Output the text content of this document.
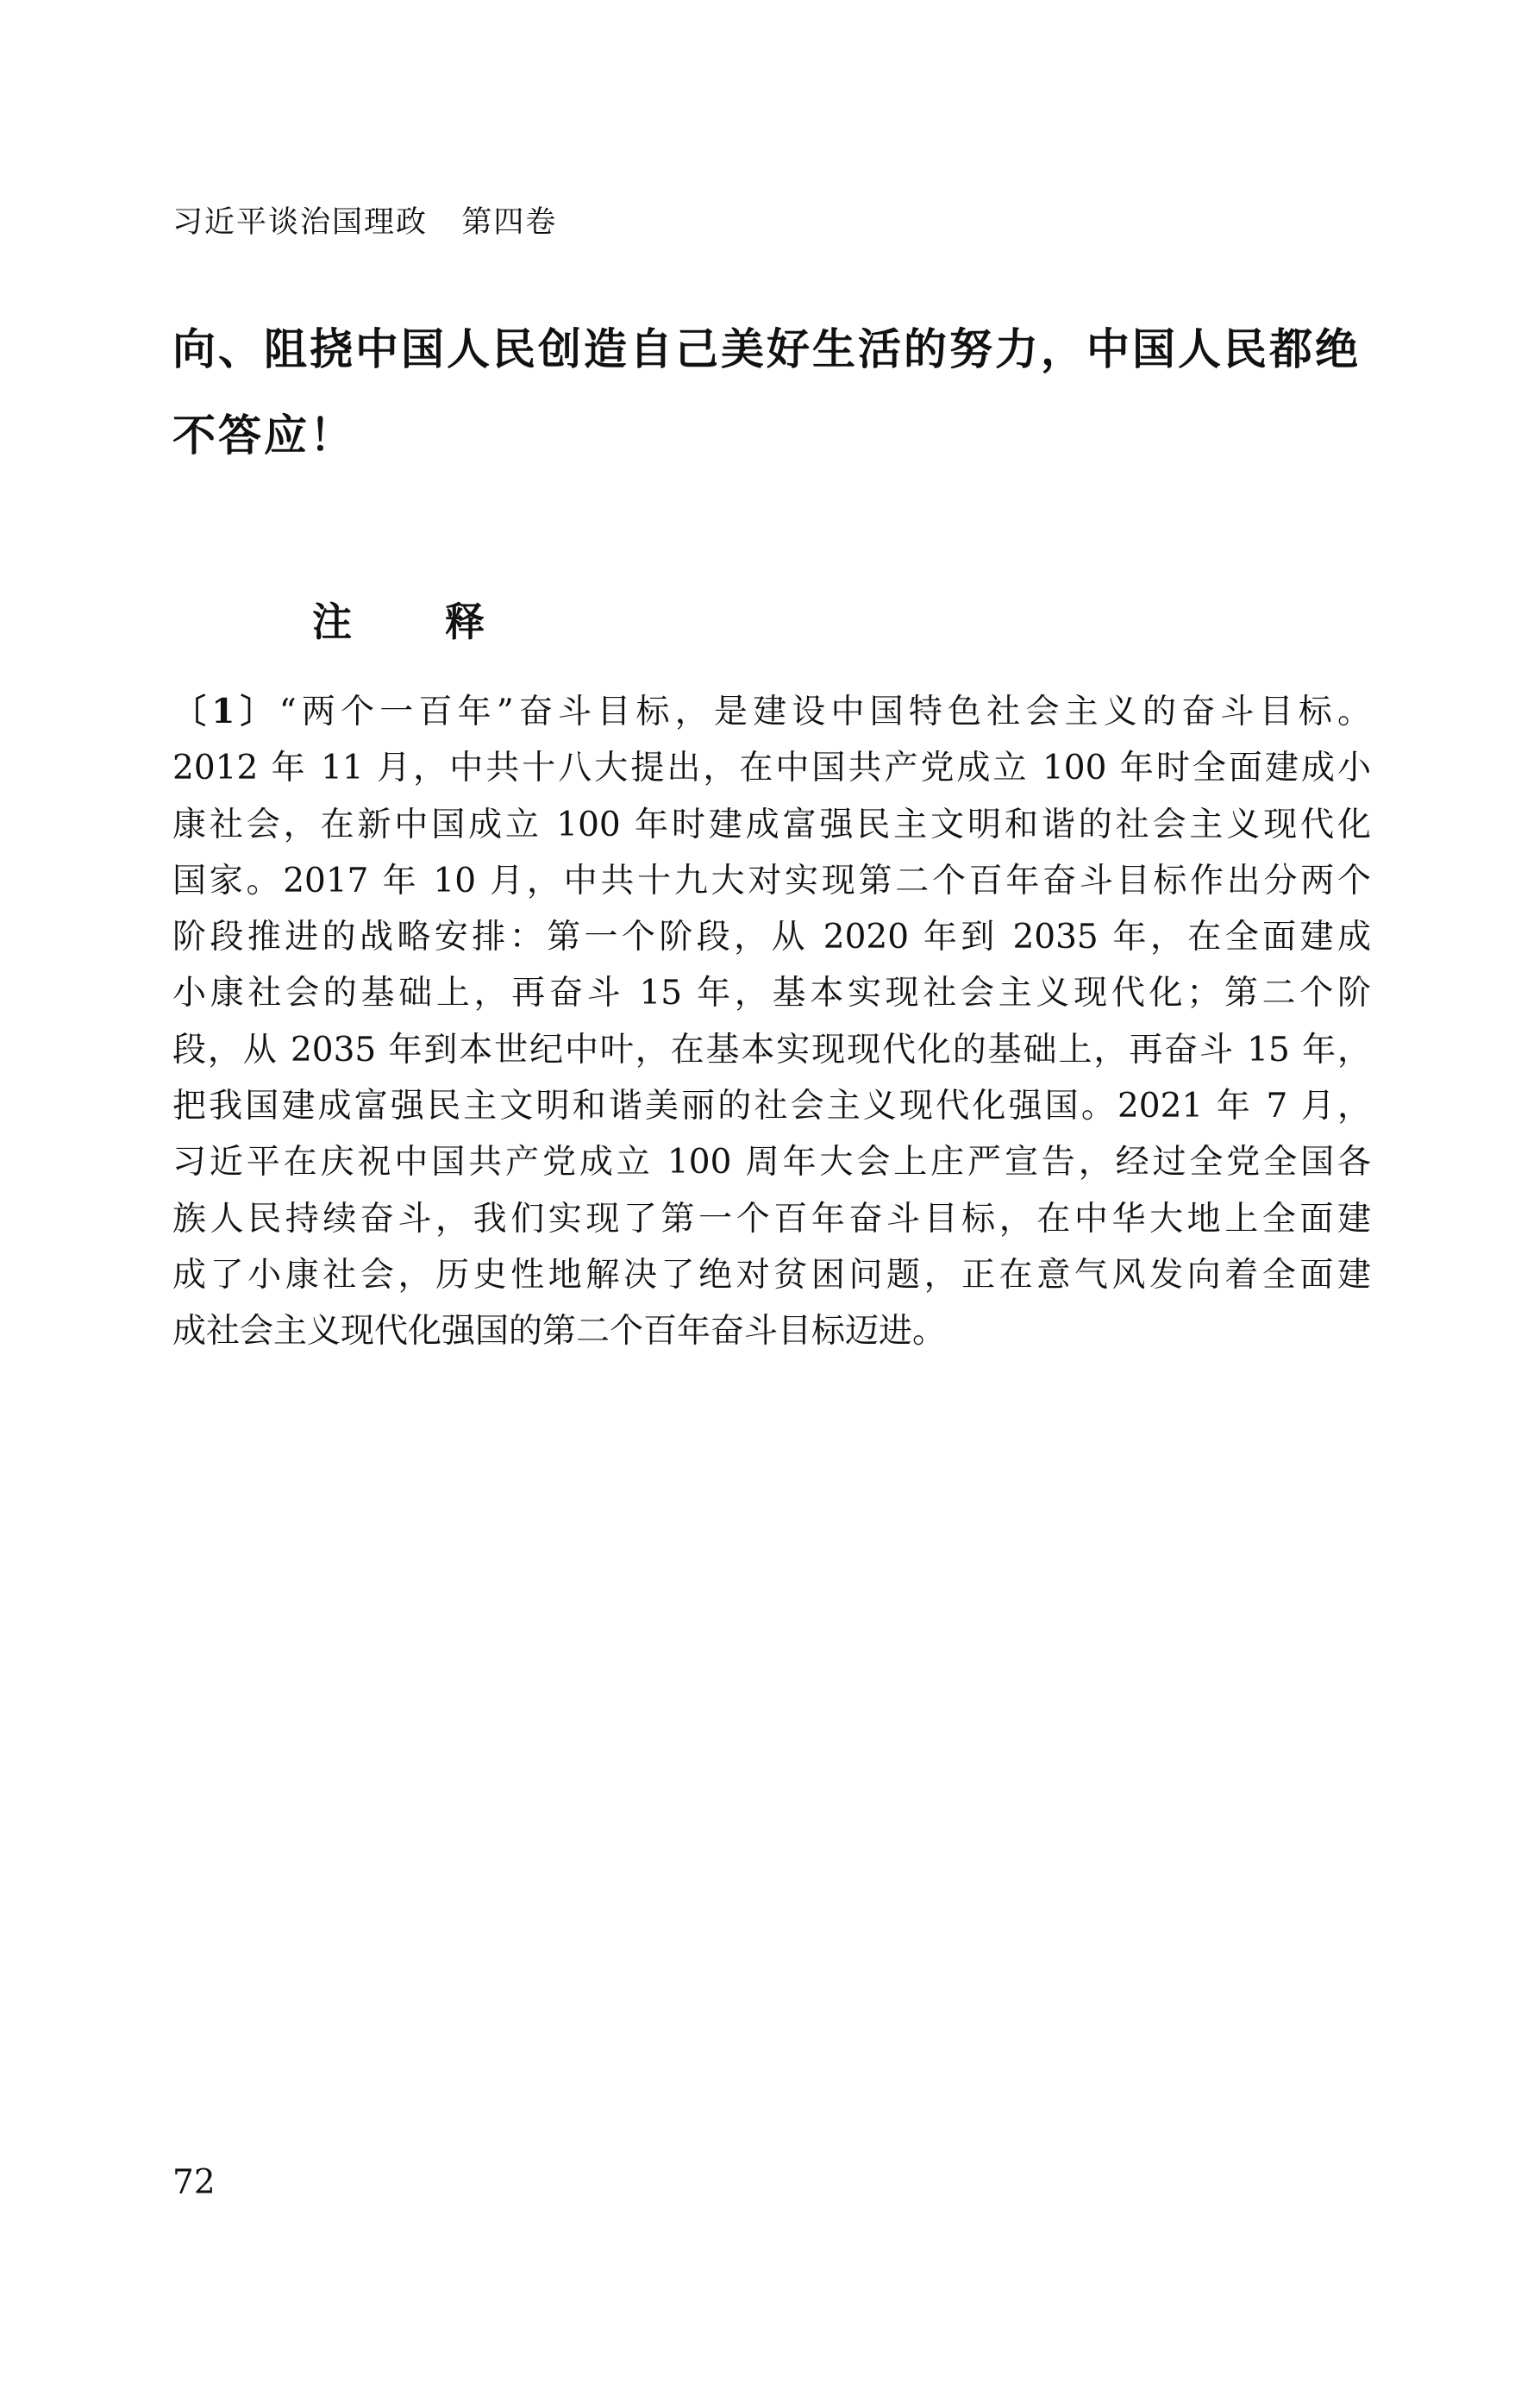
习近平谈治国理政 第四卷

向、阻挠中国人民创造自己美好生活的努力，中国人民都绝

不答应！

注 释
〔1〕“两个一百年”奋斗目标，是建设中国特色社会主义的奋斗目标。
2012 年 11 月，中共十八大提出，在中国共产党成立 100 年时全面建成小
康社会，在新中国成立 100 年时建成富强民主文明和谐的社会主义现代化
国家。2017 年 10 月，中共十九大对实现第二个百年奋斗目标作出分两个
阶段推进的战略安排：第一个阶段，从 2020 年到 2035 年，在全面建成
小康社会的基础上，再奋斗 15 年，基本实现社会主义现代化；第二个阶
段，从 2035 年到本世纪中叶，在基本实现现代化的基础上，再奋斗 15 年，
把我国建成富强民主文明和谐美丽的社会主义现代化强国。2021 年 7 月，
习近平在庆祝中国共产党成立 100 周年大会上庄严宣告，经过全党全国各
族人民持续奋斗，我们实现了第一个百年奋斗目标，在中华大地上全面建
成了小康社会，历史性地解决了绝对贫困问题，正在意气风发向着全面建
成社会主义现代化强国的第二个百年奋斗目标迈进。
72
